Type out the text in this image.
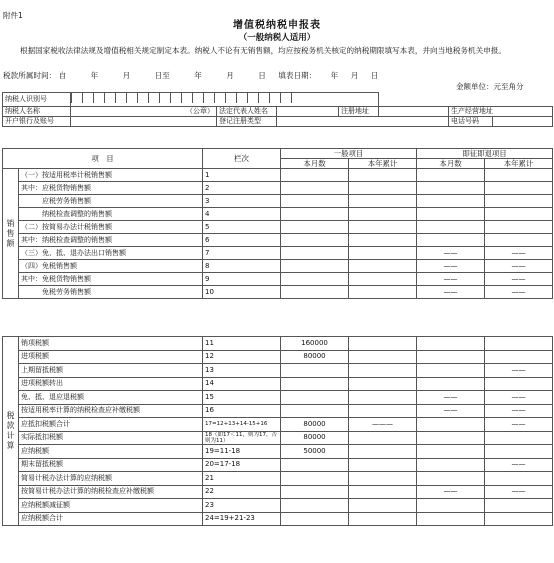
附件1
增值税纳税申报表
（一般纳税人适用）
根据国家税收法律法规及增值税相关规定制定本表。纳税人不论有无销售额，均应按税务机关核定的纳税期限填写本表，并向当地税务机关申报。
税款所属时间： 自	年	月	日至	年	月	日 填表日期： 年 月 日
金额单位：元至角分
纳税人识别号							
纳税人名称	（公章）	法定代表人姓名		注册地址		生产经营地址	
开户银行及账号		登记注册类型				电话号码	
项　目		栏次	一般项目		即征即退项目	
			本月数	本年累计	本月数	本年累计
销售额	（一）按适用税率计税销售额	1				
	其中：应税货物销售额	2				
	　　　应税劳务销售额	3				
	　　　纳税检查调整的销售额	4				
	（二）按简易办法计税销售额	5				
	其中：纳税检查调整的销售额	6				
	（三）免、抵、退办法出口销售额	7			——	——
	（四）免税销售额	8			——	——
	其中：免税货物销售额	9			——	——
	　　　免税劳务销售额	10			——	——
税款计算	销项税额	11	160000			
	进项税额	12	80000			
	上期留抵税额	13				——
	进项税额转出	14				
	免、抵、退应退税额	15			——	——
	按适用税率计算的纳税检查应补缴税额	16			——	——
	应抵扣税额合计	17=12+13+14-15+16	80000	———		——
	实际抵扣税额	18（如17＜11，则为17，否则为11）	80000			
	应纳税额	19=11-18	50000			
	期末留抵税额	20=17-18				——
	简易计税办法计算的应纳税额	21				
	按简易计税办法计算的纳税检查应补缴税额	22			——	——
	应纳税额减征额	23				
	应纳税额合计	24=19+21-23				
